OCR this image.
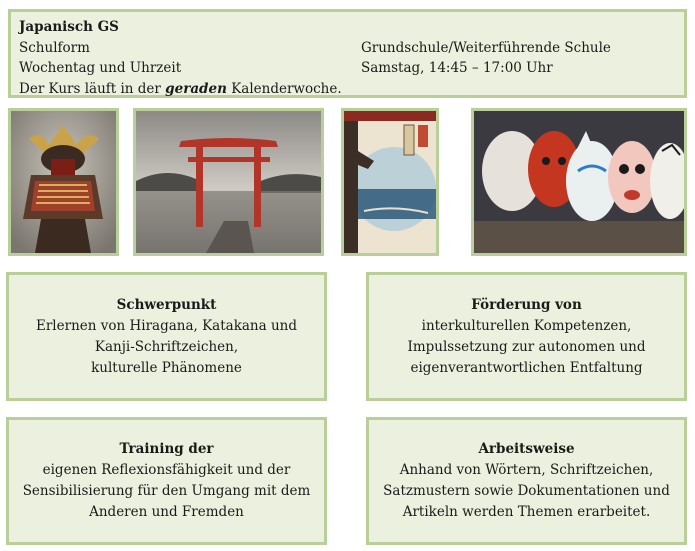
Japanisch GS
Schulform	Grundschule/Weiterführende Schule
Wochentag und Uhrzeit	Samstag, 14:45 – 17:00 Uhr
Der Kurs läuft in der geraden Kalenderwoche.
Schwerpunkt
Erlernen von Hiragana, Katakana und
Kanji-Schriftzeichen,
kulturelle Phänomene
Förderung von
interkulturellen Kompetenzen,
Impulssetzung zur autonomen und
eigenverantwortlichen Entfaltung
Training der
eigenen Reflexionsfähigkeit und der
Sensibilisierung für den Umgang mit dem
Anderen und Fremden
Arbeitsweise
Anhand von Wörtern, Schriftzeichen,
Satzmustern sowie Dokumentationen und
Artikeln werden Themen erarbeitet.
